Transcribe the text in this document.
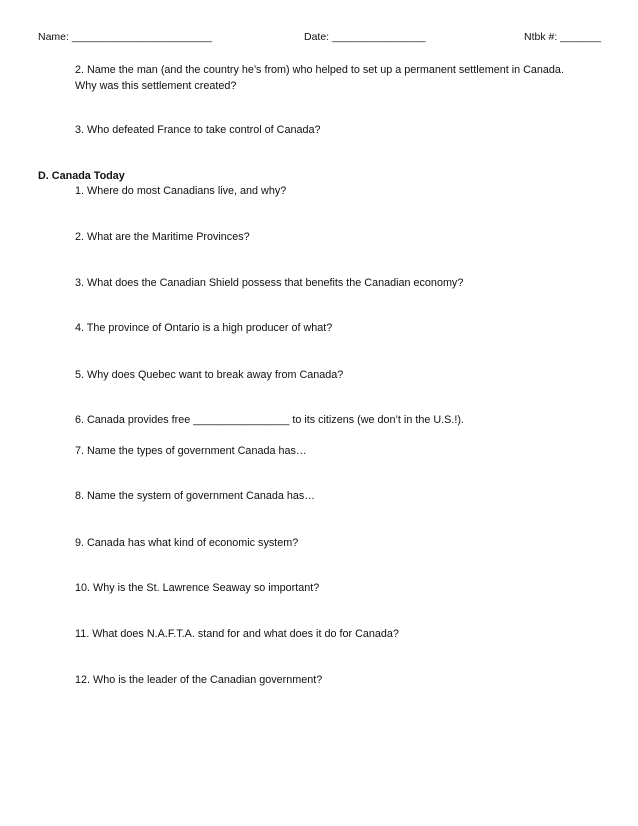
Name: ________________________	Date: ________________	Ntbk #: _______
2. Name the man (and the country he’s from) who helped to set up a permanent settlement in Canada.
Why was this settlement created?
3. Who defeated France to take control of Canada?
D. Canada Today
1. Where do most Canadians live, and why?
2. What are the Maritime Provinces?
3. What does the Canadian Shield possess that benefits the Canadian economy?
4. The province of Ontario is a high producer of what?
5. Why does Quebec want to break away from Canada?
6. Canada provides free ________________ to its citizens (we don’t in the U.S.!).
7. Name the types of government Canada has…
8. Name the system of government Canada has…
9. Canada has what kind of economic system?
10. Why is the St. Lawrence Seaway so important?
11. What does N.A.F.T.A. stand for and what does it do for Canada?
12. Who is the leader of the Canadian government?
